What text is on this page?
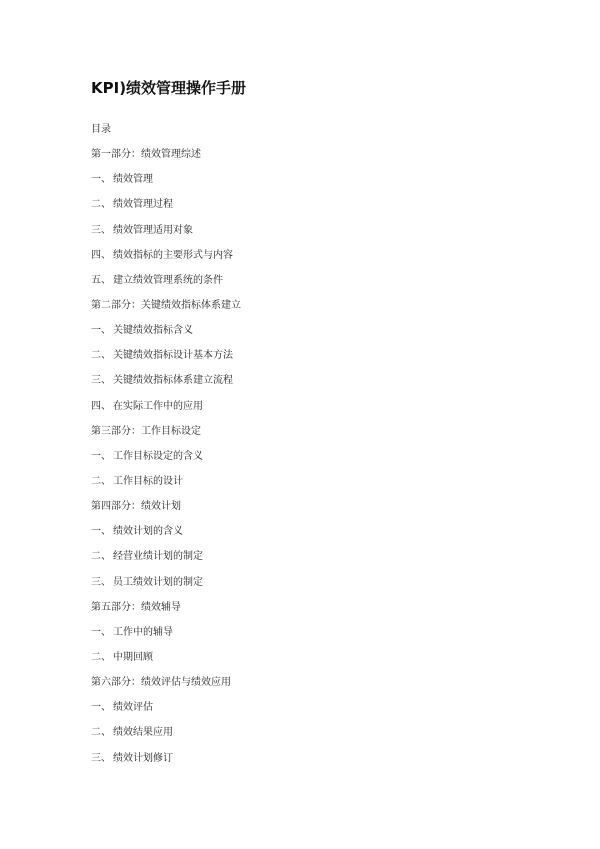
KPI)绩效管理操作手册
目录
第一部分：绩效管理综述
一、 绩效管理
二、 绩效管理过程
三、 绩效管理适用对象
四、 绩效指标的主要形式与内容
五、 建立绩效管理系统的条件
第二部分：关键绩效指标体系建立
一、 关键绩效指标含义
二、 关键绩效指标设计基本方法
三、 关键绩效指标体系建立流程
四、 在实际工作中的应用
第三部分：工作目标设定
一、 工作目标设定的含义
二、 工作目标的设计
第四部分：绩效计划
一、 绩效计划的含义
二、 经营业绩计划的制定
三、 员工绩效计划的制定
第五部分：绩效辅导
一、 工作中的辅导
二、 中期回顾
第六部分：绩效评估与绩效应用
一、 绩效评估
二、 绩效结果应用
三、 绩效计划修订
